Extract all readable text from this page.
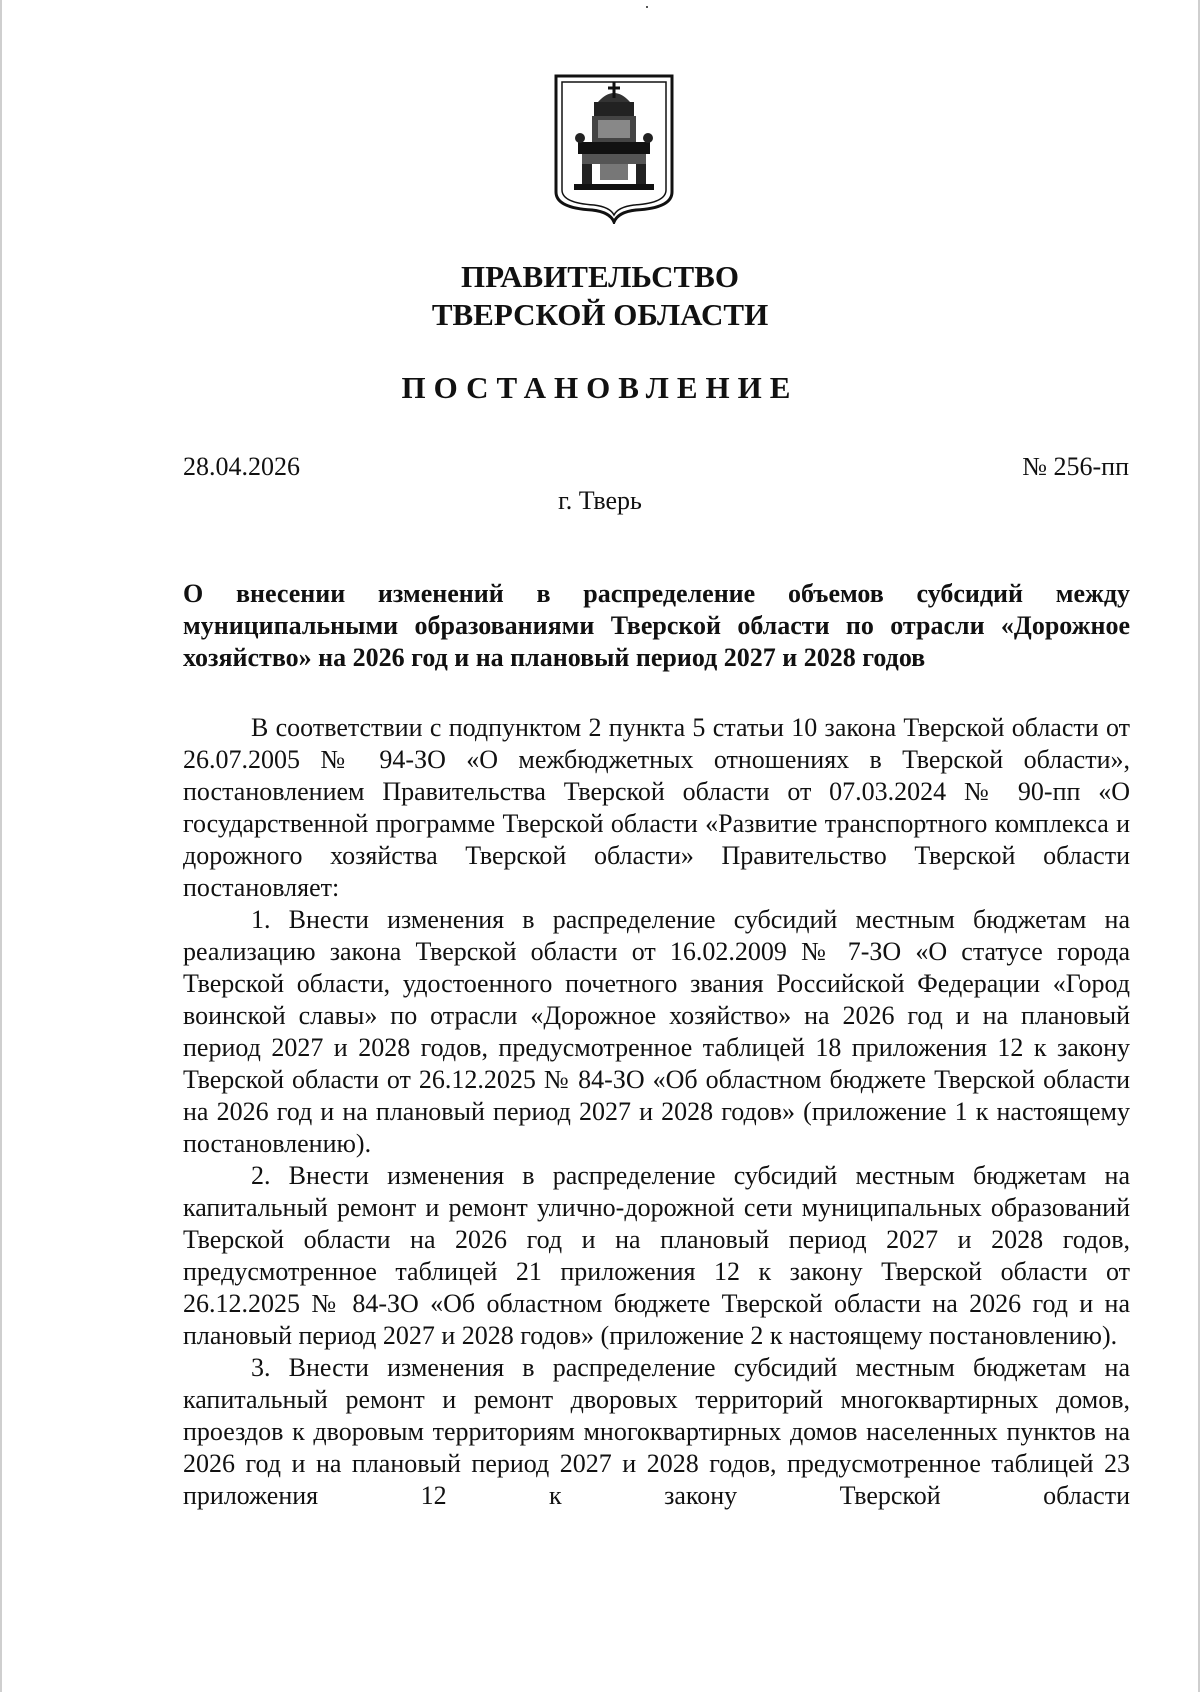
ПРАВИТЕЛЬСТВО
ТВЕРСКОЙ ОБЛАСТИ
ПОСТАНОВЛЕНИЕ
28.04.2026	№ 256-пп
г. Тверь
О внесении изменений в распределение объемов субсидий между муниципальными образованиями Тверской области по отрасли «Дорожное хозяйство» на 2026 год и на плановый период 2027 и 2028 годов

В соответствии с подпунктом 2 пункта 5 статьи 10 закона Тверской области от 26.07.2005 № 94-ЗО «О межбюджетных отношениях в Тверской области», постановлением Правительства Тверской области от 07.03.2024 № 90-пп «О государственной программе Тверской области «Развитие транспортного комплекса и дорожного хозяйства Тверской области» Правительство Тверской области постановляет:

1. Внести изменения в распределение субсидий местным бюджетам на реализацию закона Тверской области от 16.02.2009 № 7-ЗО «О статусе города Тверской области, удостоенного почетного звания Российской Федерации «Город воинской славы» по отрасли «Дорожное хозяйство» на 2026 год и на плановый период 2027 и 2028 годов, предусмотренное таблицей 18 приложения 12 к закону Тверской области от 26.12.2025 № 84-ЗО «Об областном бюджете Тверской области на 2026 год и на плановый период 2027 и 2028 годов» (приложение 1 к настоящему постановлению).

2. Внести изменения в распределение субсидий местным бюджетам на капитальный ремонт и ремонт улично-дорожной сети муниципальных образований Тверской области на 2026 год и на плановый период 2027 и 2028 годов, предусмотренное таблицей 21 приложения 12 к закону Тверской области от 26.12.2025 № 84-ЗО «Об областном бюджете Тверской области на 2026 год и на плановый период 2027 и 2028 годов» (приложение 2 к настоящему постановлению).

3. Внести изменения в распределение субсидий местным бюджетам на капитальный ремонт и ремонт дворовых территорий многоквартирных домов, проездов к дворовым территориям многоквартирных домов населенных пунктов на 2026 год и на плановый период 2027 и 2028 годов, предусмотренное таблицей 23 приложения 12 к закону Тверской области
